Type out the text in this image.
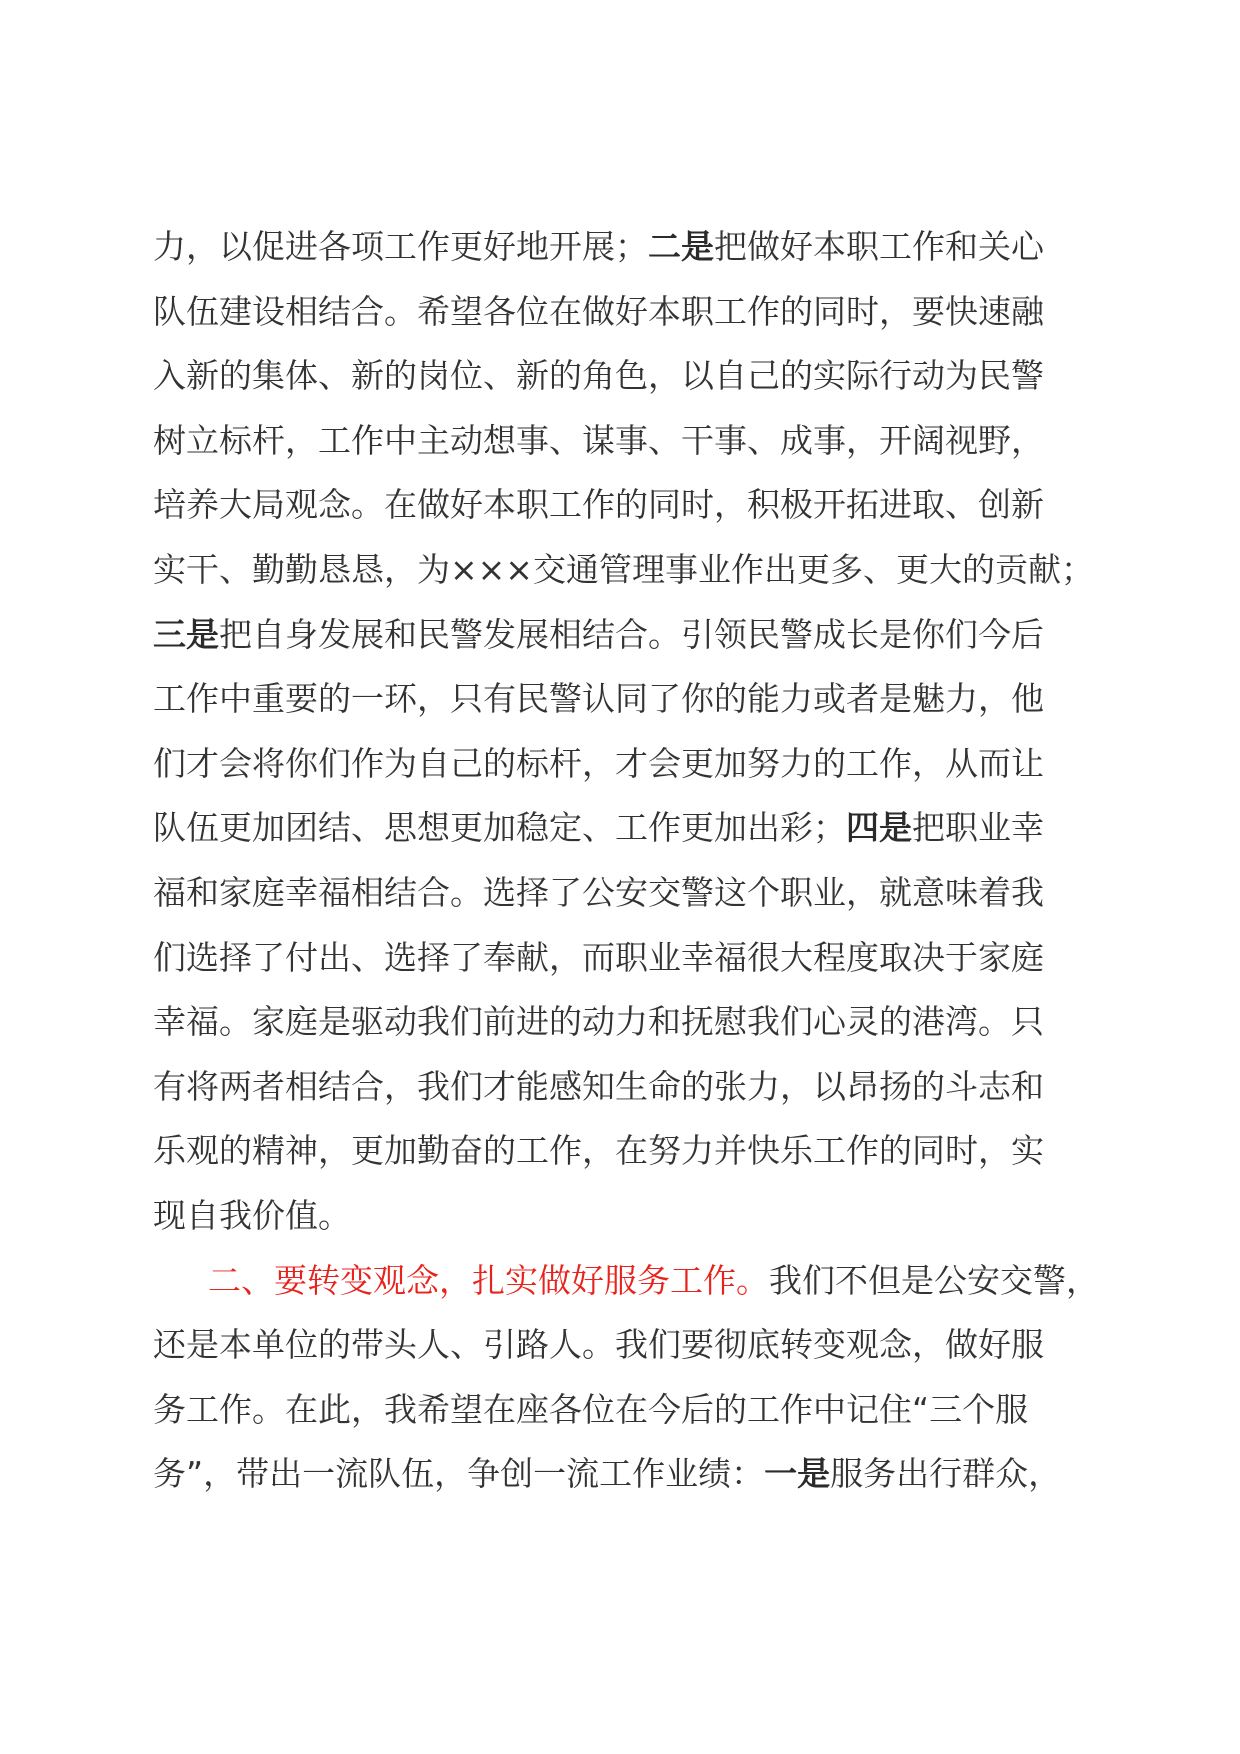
力，以促进各项工作更好地开展；二是把做好本职工作和关心
队伍建设相结合。希望各位在做好本职工作的同时，要快速融
入新的集体、新的岗位、新的角色，以自己的实际行动为民警
树立标杆，工作中主动想事、谋事、干事、成事，开阔视野，
培养大局观念。在做好本职工作的同时，积极开拓进取、创新
实干、勤勤恳恳，为×××交通管理事业作出更多、更大的贡献；
三是把自身发展和民警发展相结合。引领民警成长是你们今后
工作中重要的一环，只有民警认同了你的能力或者是魅力，他
们才会将你们作为自己的标杆，才会更加努力的工作，从而让
队伍更加团结、思想更加稳定、工作更加出彩；四是把职业幸
福和家庭幸福相结合。选择了公安交警这个职业，就意味着我
们选择了付出、选择了奉献，而职业幸福很大程度取决于家庭
幸福。家庭是驱动我们前进的动力和抚慰我们心灵的港湾。只
有将两者相结合，我们才能感知生命的张力，以昂扬的斗志和
乐观的精神，更加勤奋的工作，在努力并快乐工作的同时，实
现自我价值。
二、要转变观念，扎实做好服务工作。我们不但是公安交警，
还是本单位的带头人、引路人。我们要彻底转变观念，做好服
务工作。在此，我希望在座各位在今后的工作中记住“三个服
务”，带出一流队伍，争创一流工作业绩：一是服务出行群众，
